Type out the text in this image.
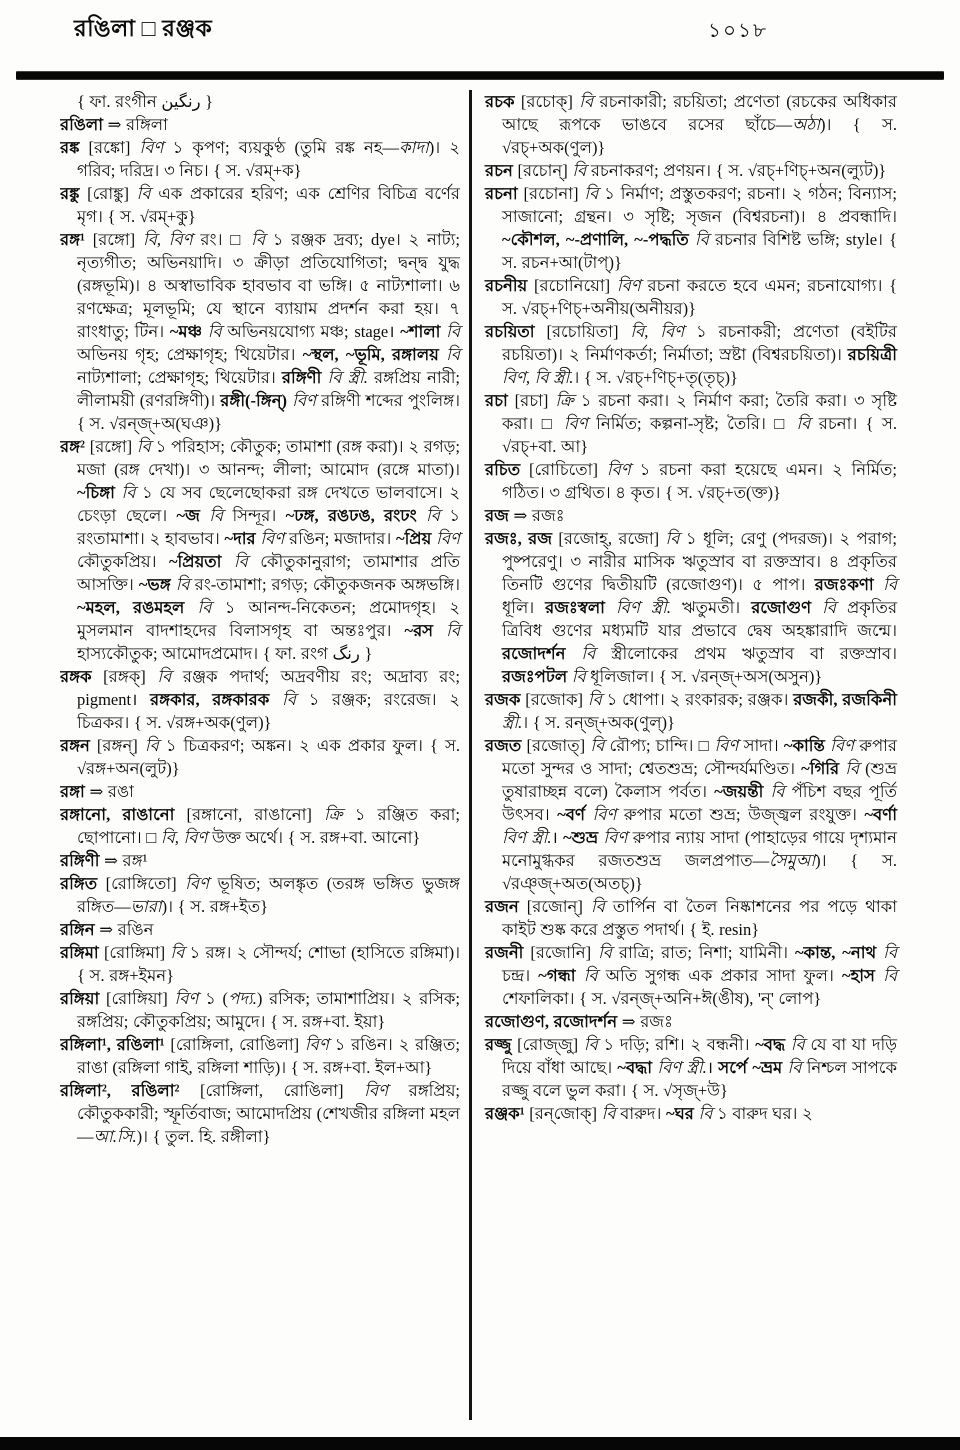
রঙিলা □ রঞ্জক	১০১৮

{ ফা. রংগীন رنگين }

রঙিলা ⇒ রঙ্গিলা

রঙ্ক [রঙ্কো] বিণ ১ কৃপণ; ব্যয়কুণ্ঠ (তুমি রঙ্ক নহ—কাদা)। ২ গরিব; দরিদ্র। ৩ নিচ। { স. √রম্+ক}

রঙ্কু [রোঙ্কু] বি এক প্রকারের হরিণ; এক শ্রেণির বিচিত্র বর্ণের মৃগ। { স. √রম্+কু}

রঙ্গ¹ [রঙ্গো] বি, বিণ রং। □ বি ১ রঞ্জক দ্রব্য; dye। ২ নাট্য; নৃত্যগীত; অভিনয়াদি। ৩ ক্রীড়া প্রতিযোগিতা; দ্বন্দ্ব যুদ্ধ (রঙ্গভূমি)। ৪ অস্বাভাবিক হাবভাব বা ভঙ্গি। ৫ নাট্যশালা। ৬ রণক্ষেত্র; মূলভূমি; যে স্থানে ব্যায়াম প্রদর্শন করা হয়। ৭ রাংধাতু; টিন। ~মঞ্চ বি অভিনয়যোগ্য মঞ্চ; stage। ~শালা বি অভিনয় গৃহ; প্রেক্ষাগৃহ; থিয়েটার। ~স্থল, ~ভূমি, রঙ্গালয় বি নাট্যশালা; প্রেক্ষাগৃহ; থিয়েটার। রঙ্গিণী বি স্ত্রী. রঙ্গপ্রিয় নারী; লীলাময়ী (রণরঙ্গিণী)। রঙ্গী(-ঙ্গিন্) বিণ রঙ্গিণী শব্দের পুংলিঙ্গ। { স. √রন্‌জ্+অ(ঘঞ)}

রঙ্গ² [রঙ্গো] বি ১ পরিহাস; কৌতুক; তামাশা (রঙ্গ করা)। ২ রগড়; মজা (রঙ্গ দেখা)। ৩ আনন্দ; লীলা; আমোদ (রঙ্গে মাতা)। ~চিঙ্গা বি ১ যে সব ছেলেছোকরা রঙ্গ দেখতে ভালবাসে। ২ চেংড়া ছেলে। ~জ বি সিন্দূর। ~ঢঙ্গ, রঙঢঙ, রংঢং বি ১ রংতামাশা। ২ হাবভাব। ~দার বিণ রঙিন; মজাদার। ~প্রিয় বিণ কৌতুকপ্রিয়। ~প্রিয়তা বি কৌতুকানুরাগ; তামাশার প্রতি আসক্তি। ~ভঙ্গ বি রং-তামাশা; রগড়; কৌতুকজনক অঙ্গভঙ্গি। ~মহল, রঙমহল বি ১ আনন্দ-নিকেতন; প্রমোদগৃহ। ২ মুসলমান বাদশাহদের বিলাসগৃহ বা অন্তঃপুর। ~রস বি হাস্যকৌতুক; আমোদপ্রমোদ। { ফা. রংগ رنگ }

রঙ্গক [রঙ্গক্] বি রঞ্জক পদার্থ; অদ্রবণীয় রং; অদ্রাব্য রং; pigment। রঙ্গকার, রঙ্গকারক বি ১ রঞ্জক; রংরেজ। ২ চিত্রকর। { স. √রঙ্গ+অক(ণুল)}

রঙ্গন [রঙ্গন্] বি ১ চিত্রকরণ; অঙ্কন। ২ এক প্রকার ফুল। { স. √রঙ্গ+অন(লুট)}

রঙ্গা ⇒ রঙা

রঙ্গানো, রাঙানো [রঙ্গানো, রাঙানো] ক্রি ১ রঞ্জিত করা; ছোপানো। □ বি, বিণ উক্ত অর্থে। { স. রঙ্গ+বা. আনো}

রঙ্গিণী ⇒ রঙ্গ¹

রঙ্গিত [রোঙ্গিতো] বিণ ভূষিত; অলঙ্কৃত (তরঙ্গ ভঙ্গিত ভুজঙ্গ রঙ্গিত—ভারা)। { স. রঙ্গ+ইত}

রঙ্গিন ⇒ রঙিন

রঙ্গিমা [রোঙ্গিমা] বি ১ রঙ্গ। ২ সৌন্দর্য; শোভা (হাসিতে রঙ্গিমা)। { স. রঙ্গ+ইমন}

রঙ্গিয়া [রোঙ্গিয়া] বিণ ১ (পদ্য.) রসিক; তামাশাপ্রিয়। ২ রসিক; রঙ্গপ্রিয়; কৌতুকপ্রিয়; আমুদে। { স. রঙ্গ+বা. ইয়া}

রঙ্গিলা¹, রঙিলা¹ [রোঙ্গিলা, রোঙিলা] বিণ ১ রঙিন। ২ রঞ্জিত; রাঙা (রঙ্গিলা গাই, রঙ্গিলা শাড়ি)। { স. রঙ্গ+বা. ইল+আ}

রঙ্গিলা², রঙিলা² [রোঙ্গিলা, রোঙিলা] বিণ রঙ্গপ্রিয়; কৌতুককারী; স্ফূর্তিবাজ; আমোদপ্রিয় (শেখজীর রঙ্গিলা মহল—আ.সি.)। { তুল. হি. রঙ্গীলা}

রচক [রচোক্] বি রচনাকারী; রচয়িতা; প্রণেতা (রচকের অধিকার আছে রূপকে ভাঙবে রসের ছাঁচে—অঠা)। { স. √রচ্+অক(ণুল)}

রচন [রচোন্] বি রচনাকরণ; প্রণয়ন। { স. √রচ্+ণিচ্+অন(ল্যুট)}

রচনা [রচোনা] বি ১ নির্মাণ; প্রস্তুতকরণ; রচনা। ২ গঠন; বিন্যাস; সাজানো; গ্রন্থন। ৩ সৃষ্টি; সৃজন (বিশ্বরচনা)। ৪ প্রবন্ধাদি। ~কৌশল, ~-প্রণালি, ~-পদ্ধতি বি রচনার বিশিষ্ট ভঙ্গি; style। { স. রচন+আ(টাপ্)}

রচনীয় [রচোনিয়ো] বিণ রচনা করতে হবে এমন; রচনাযোগ্য। { স. √রচ্+ণিচ্+অনীয়(অনীয়র)}

রচয়িতা [রচোয়িতা] বি, বিণ ১ রচনাকরী; প্রণেতা (বইটির রচয়িতা)। ২ নির্মাণকর্তা; নির্মাতা; স্রষ্টা (বিশ্বরচয়িতা)। রচয়িত্রী বিণ, বি স্ত্রী.। { স. √রচ্+ণিচ্+তৃ(তৃচ্)}

রচা [রচা] ক্রি ১ রচনা করা। ২ নির্মাণ করা; তৈরি করা। ৩ সৃষ্টি করা। □ বিণ নির্মিত; কল্পনা-সৃষ্ট; তৈরি। □ বি রচনা। { স. √রচ্+বা. আ}

রচিত [রোচিতো] বিণ ১ রচনা করা হয়েছে এমন। ২ নির্মিত; গঠিত। ৩ গ্রথিত। ৪ কৃত। { স. √রচ্+ত(ক্ত)}

রজ ⇒ রজঃ

রজঃ, রজ [রজোহ্, রজো] বি ১ ধূলি; রেণু (পদরজ)। ২ পরাগ; পুষ্পরেণু। ৩ নারীর মাসিক ঋতুস্রাব বা রক্তস্রাব। ৪ প্রকৃতির তিনটি গুণের দ্বিতীয়টি (রজোগুণ)। ৫ পাপ। রজঃকণা বি ধূলি। রজঃস্বলা বিণ স্ত্রী. ঋতুমতী। রজোগুণ বি প্রকৃতির ত্রিবিধ গুণের মধ্যমটি যার প্রভাবে দ্বেষ অহঙ্কারাদি জন্মে। রজোদর্শন বি স্ত্রীলোকের প্রথম ঋতুস্রাব বা রক্তস্রাব। রজঃপটল বি ধূলিজাল। { স. √রন্‌জ্+অস(অসুন)}

রজক [রজোক] বি ১ ধোপা। ২ রংকারক; রঞ্জক। রজকী, রজকিনী স্ত্রী.। { স. রন্‌জ্+অক(ণুল্)}

রজত [রজোত্] বি রৌপ্য; চান্দি। □ বিণ সাদা। ~কান্তি বিণ রুপার মতো সুন্দর ও সাদা; শ্বেতশুভ্র; সৌন্দর্যমণ্ডিত। ~গিরি বি (শুভ্র তুষারাচ্ছন্ন বলে) কৈলাস পর্বত। ~জয়ন্তী বি পঁচিশ বছর পূর্তি উৎসব। ~বর্ণ বিণ রুপার মতো শুভ্র; উজ্জ্বল রংযুক্ত। ~বর্ণা বিণ স্ত্রী.। ~শুভ্র বিণ রুপার ন্যায় সাদা (পাহাড়ের গায়ে দৃশ্যমান মনোমুগ্ধকর রজতশুভ্র জলপ্রপাত—সৈমুআ)। { স. √রঞ্জ্+অত(অতচ্)}

রজন [রজোন্] বি তার্পিন বা তৈল নিষ্কাশনের পর পড়ে থাকা কাইট শুষ্ক করে প্রস্তুত পদার্থ। { ই. resin}

রজনী [রজোনি] বি রাত্রি; রাত; নিশা; যামিনী। ~কান্ত, ~নাথ বি চন্দ্র। ~গন্ধা বি অতি সুগন্ধ এক প্রকার সাদা ফুল। ~হাস বি শেফালিকা। { স. √রন্‌জ্+অনি+ঈ(ঙীষ), 'ন্' লোপ}

রজোগুণ, রজোদর্শন ⇒ রজঃ

রজ্জু [রোজ্‌জু] বি ১ দড়ি; রশি। ২ বন্ধনী। ~বদ্ধ বি যে বা যা দড়ি দিয়ে বাঁধা আছে। ~বদ্ধা বিণ স্ত্রী.। সর্পে ~ভ্রম বি নিশ্চল সাপকে রজ্জু বলে ভুল করা। { স. √সৃজ্+উ}

রঞ্জক¹ [রন্‌জোক্] বি বারুদ। ~ঘর বি ১ বারুদ ঘর। ২
